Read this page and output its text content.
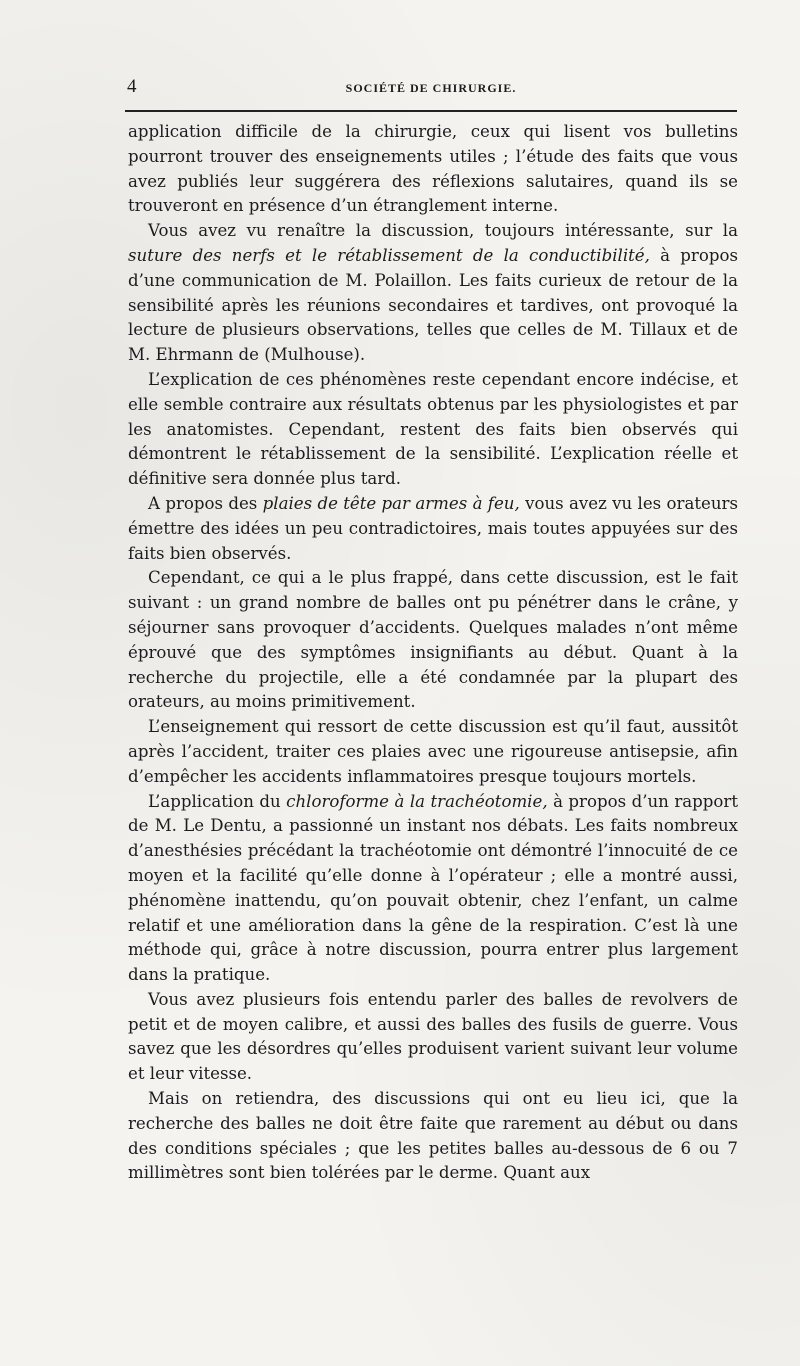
4	SOCIÉTÉ DE CHIRURGIE.

application difficile de la chirurgie, ceux qui lisent vos bulletins pourront trouver des enseignements utiles ; l’étude des faits que vous avez publiés leur suggérera des réflexions salutaires, quand ils se trouveront en présence d’un étranglement interne.

Vous avez vu renaître la discussion, toujours intéressante, sur la suture des nerfs et le rétablissement de la conductibilité, à propos d’une communication de M. Polaillon. Les faits curieux de retour de la sensibilité après les réunions secondaires et tardives, ont provoqué la lecture de plusieurs observations, telles que celles de M. Tillaux et de M. Ehrmann de (Mulhouse).

L’explication de ces phénomènes reste cependant encore indécise, et elle semble contraire aux résultats obtenus par les physiologistes et par les anatomistes. Cependant, restent des faits bien observés qui démontrent le rétablissement de la sensibilité. L’explication réelle et définitive sera donnée plus tard.

A propos des plaies de tête par armes à feu, vous avez vu les orateurs émettre des idées un peu contradictoires, mais toutes appuyées sur des faits bien observés.

Cependant, ce qui a le plus frappé, dans cette discussion, est le fait suivant : un grand nombre de balles ont pu pénétrer dans le crâne, y séjourner sans provoquer d’accidents. Quelques malades n’ont même éprouvé que des symptômes insignifiants au début. Quant à la recherche du projectile, elle a été condamnée par la plupart des orateurs, au moins primitivement.

L’enseignement qui ressort de cette discussion est qu’il faut, aussitôt après l’accident, traiter ces plaies avec une rigoureuse antisepsie, afin d’empêcher les accidents inflammatoires presque toujours mortels.

L’application du chloroforme à la trachéotomie, à propos d’un rapport de M. Le Dentu, a passionné un instant nos débats. Les faits nombreux d’anesthésies précédant la trachéotomie ont démontré l’innocuité de ce moyen et la facilité qu’elle donne à l’opérateur ; elle a montré aussi, phénomène inattendu, qu’on pouvait obtenir, chez l’enfant, un calme relatif et une amélioration dans la gêne de la respiration. C’est là une méthode qui, grâce à notre discussion, pourra entrer plus largement dans la pratique.

Vous avez plusieurs fois entendu parler des balles de revolvers de petit et de moyen calibre, et aussi des balles des fusils de guerre. Vous savez que les désordres qu’elles produisent varient suivant leur volume et leur vitesse.

Mais on retiendra, des discussions qui ont eu lieu ici, que la recherche des balles ne doit être faite que rarement au début ou dans des conditions spéciales ; que les petites balles au-dessous de 6 ou 7 millimètres sont bien tolérées par le derme. Quant aux
